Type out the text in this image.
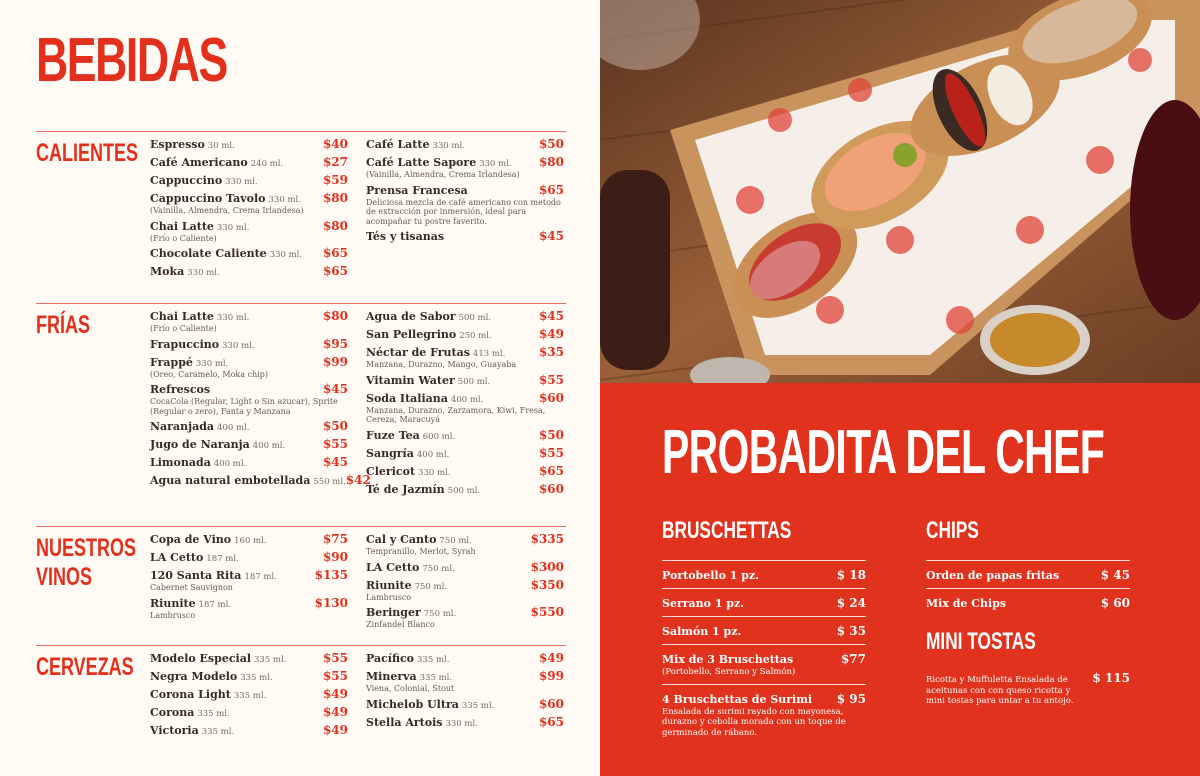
BEBIDAS
CALIENTES Espresso 30 ml.	$40
Café Americano 240 ml.	$27
Cappuccino 330 ml.	$59
Cappuccino Tavolo 330 ml. $80
(Vainilla, Almendra, Crema Irlandesa)
Chai Latte 330 ml.	$80
(Frío o Caliente)
Chocolate Caliente 330 ml. $65
Moka 330 ml.	$65
Café Latte 330 ml.	$50
Café Latte Sapore 330 ml. $80
(Vainilla, Almendra, Crema Irlandesa)
Prensa Francesa	$65
Deliciosa mezcla de café americano con metodo de extracción por inmersión, ideal para acompañar tu postre faverito.
Tés y tisanas	$45
FRÍAS	Chai Latte 330 ml.	$80
(Frío o Caliente)
Frapuccino 330 ml.	$95
Frappé 330 ml.	$99
(Oreo, Caramelo, Moka chip)
Refrescos	$45
CocaCola (Regular, Light o Sin azucar), Sprite (Regular o zero), Fanta y Manzana
Naranjada 400 ml.	$50
Jugo de Naranja 400 ml.	$55
Limonada 400 ml.	$45
Agua natural embotellada 550 ml. $42
Agua de Sabor 500 ml.	$45
San Pellegrino 250 ml.	$49
Néctar de Frutas 413 ml.	$35
Manzana, Durazno, Mango, Guayaba
Vitamin Water 500 ml.	$55
Soda Italiana 400 ml.	$60
Manzana, Durazno, Zarzamora, Kiwi, Fresa, Cereza, Maracuyá
Fuze Tea 600 ml.	$50
Sangría 400 ml.	$55
Clericot 330 ml.	$65
Té de Jazmín 500 ml.	$60
NUESTROS
VINOS
Copa de Vino 160 ml.	$75
LA Cetto 187 ml.	$90
120 Santa Rita 187 ml.	$135
Cabernet Sauvignon
Riunite 187 ml.	$130
Lambrusco
Cal y Canto 750 ml.	$335
Tempranillo, Merlot, Syrah
LA Cetto 750 ml.	$300
Riunite 750 ml.	$350
Lambrusco
Beringer 750 ml.	$550
Zinfandel Blanco
CERVEZAS Modelo Especial 335 ml.	$55
Negra Modelo 335 ml.	$55
Corona Light 335 ml.	$49
Corona 335 ml.	$49
Victoria 335 ml.	$49
Pacífico 335 ml.	$49
Minerva 335 ml.	$99
Viena, Colonial, Stout
Michelob Ultra 335 ml.	$60
Stella Artois 330 ml.	$65
PROBADITA DEL CHEF
BRUSCHETTAS
Portobello 1 pz.	$ 18
Serrano 1 pz.	$ 24
Salmón 1 pz.	$ 35
Mix de 3 Bruschettas	$77
(Portobello, Serrano y Salmón)
4 Bruschettas de Surimi $ 95
Ensalada de surimi rayado con mayonesa, durazno y cebolla morada con un toque de germinado de rábano.
CHIPS
Orden de papas fritas	$ 45
Mix de Chips	$ 60
MINI TOSTAS
Ricotta y Muffuletta Ensalada de aceitunas con con queso ricotta y mini tostas para untar a tu antojo.
$ 115
